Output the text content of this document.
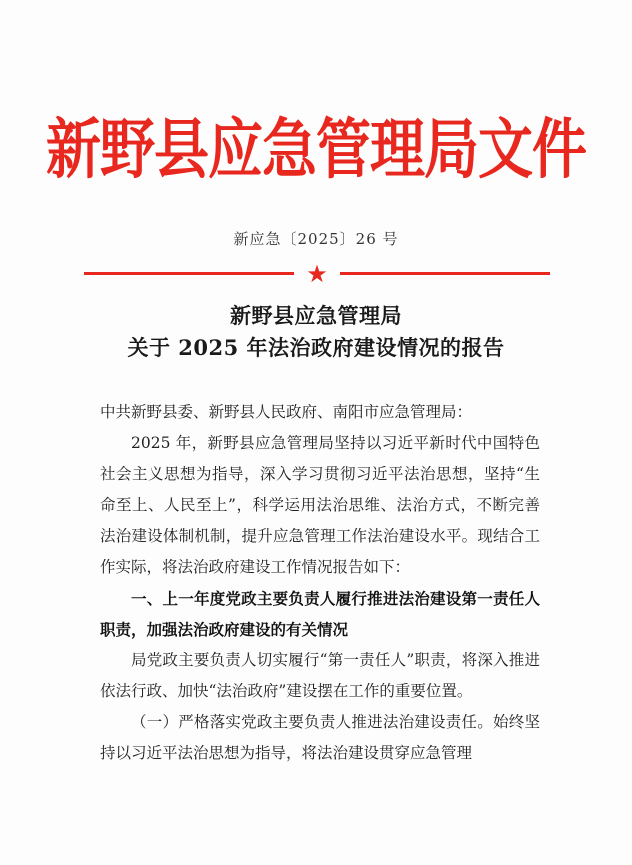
新野县应急管理局文件
新应急〔2025〕26 号
★
新野县应急管理局
关于 2025 年法治政府建设情况的报告

中共新野县委、新野县人民政府、南阳市应急管理局：

2025 年，新野县应急管理局坚持以习近平新时代中国特色社会主义思想为指导，深入学习贯彻习近平法治思想，坚持“生命至上、人民至上”，科学运用法治思维、法治方式，不断完善法治建设体制机制，提升应急管理工作法治建设水平。现结合工作实际，将法治政府建设工作情况报告如下：

一、上一年度党政主要负责人履行推进法治建设第一责任人职责，加强法治政府建设的有关情况

局党政主要负责人切实履行“第一责任人”职责，将深入推进依法行政、加快“法治政府”建设摆在工作的重要位置。

（一）严格落实党政主要负责人推进法治建设责任。始终坚持以习近平法治思想为指导，将法治建设贯穿应急管理
